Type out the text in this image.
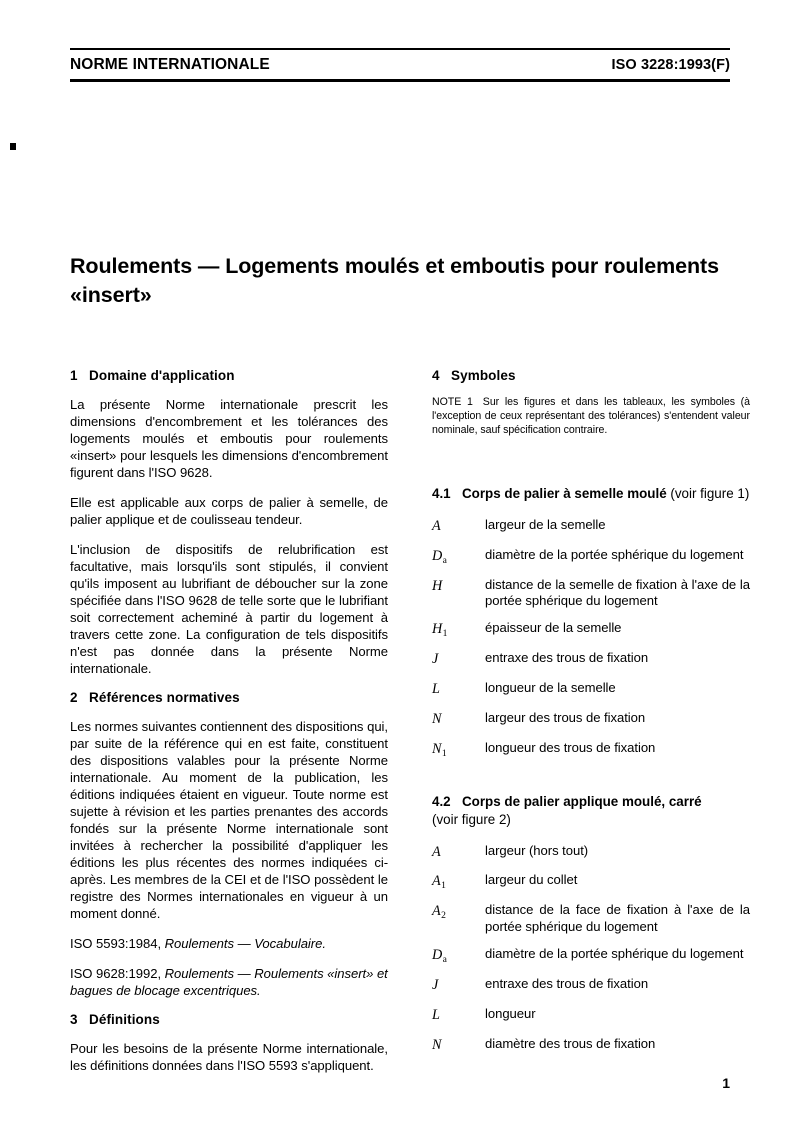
NORME INTERNATIONALE	ISO 3228:1993(F)
Roulements — Logements moulés et emboutis pour roulements «insert»
1 Domaine d'application

La présente Norme internationale prescrit les dimensions d'encombrement et les tolérances des logements moulés et emboutis pour roulements «insert» pour lesquels les dimensions d'encombrement figurent dans l'ISO 9628.

Elle est applicable aux corps de palier à semelle, de palier applique et de coulisseau tendeur.

L'inclusion de dispositifs de relubrification est facultative, mais lorsqu'ils sont stipulés, il convient qu'ils imposent au lubrifiant de déboucher sur la zone spécifiée dans l'ISO 9628 de telle sorte que le lubrifiant soit correctement acheminé à partir du logement à travers cette zone. La configuration de tels dispositifs n'est pas donnée dans la présente Norme internationale.

2 Références normatives

Les normes suivantes contiennent des dispositions qui, par suite de la référence qui en est faite, constituent des dispositions valables pour la présente Norme internationale. Au moment de la publication, les éditions indiquées étaient en vigueur. Toute norme est sujette à révision et les parties prenantes des accords fondés sur la présente Norme internationale sont invitées à rechercher la possibilité d'appliquer les éditions les plus récentes des normes indiquées ci-après. Les membres de la CEI et de l'ISO possèdent le registre des Normes internationales en vigueur à un moment donné.

ISO 5593:1984, Roulements — Vocabulaire.

ISO 9628:1992, Roulements — Roulements «insert» et bagues de blocage excentriques.

3 Définitions

Pour les besoins de la présente Norme internationale, les définitions données dans l'ISO 5593 s'appliquent.

4 Symboles

NOTE 1 Sur les figures et dans les tableaux, les symboles (à l'exception de ceux représentant des tolérances) s'entendent valeur nominale, sauf spécification contraire.

4.1 Corps de palier à semelle moulé (voir figure 1)

A	largeur de la semelle
$D_a$	diamètre de la portée sphérique du logement
H	distance de la semelle de fixation à l'axe de la portée sphérique du logement
$H_1$	épaisseur de la semelle
J	entraxe des trous de fixation
L	longueur de la semelle
N	largeur des trous de fixation
$N_1$	longueur des trous de fixation

4.2 Corps de palier applique moulé, carré
(voir figure 2)

A	largeur (hors tout)
$A_1$	largeur du collet
$A_2$	distance de la face de fixation à l'axe de la portée sphérique du logement
$D_a$	diamètre de la portée sphérique du logement
J	entraxe des trous de fixation
L	longueur
N	diamètre des trous de fixation
1
